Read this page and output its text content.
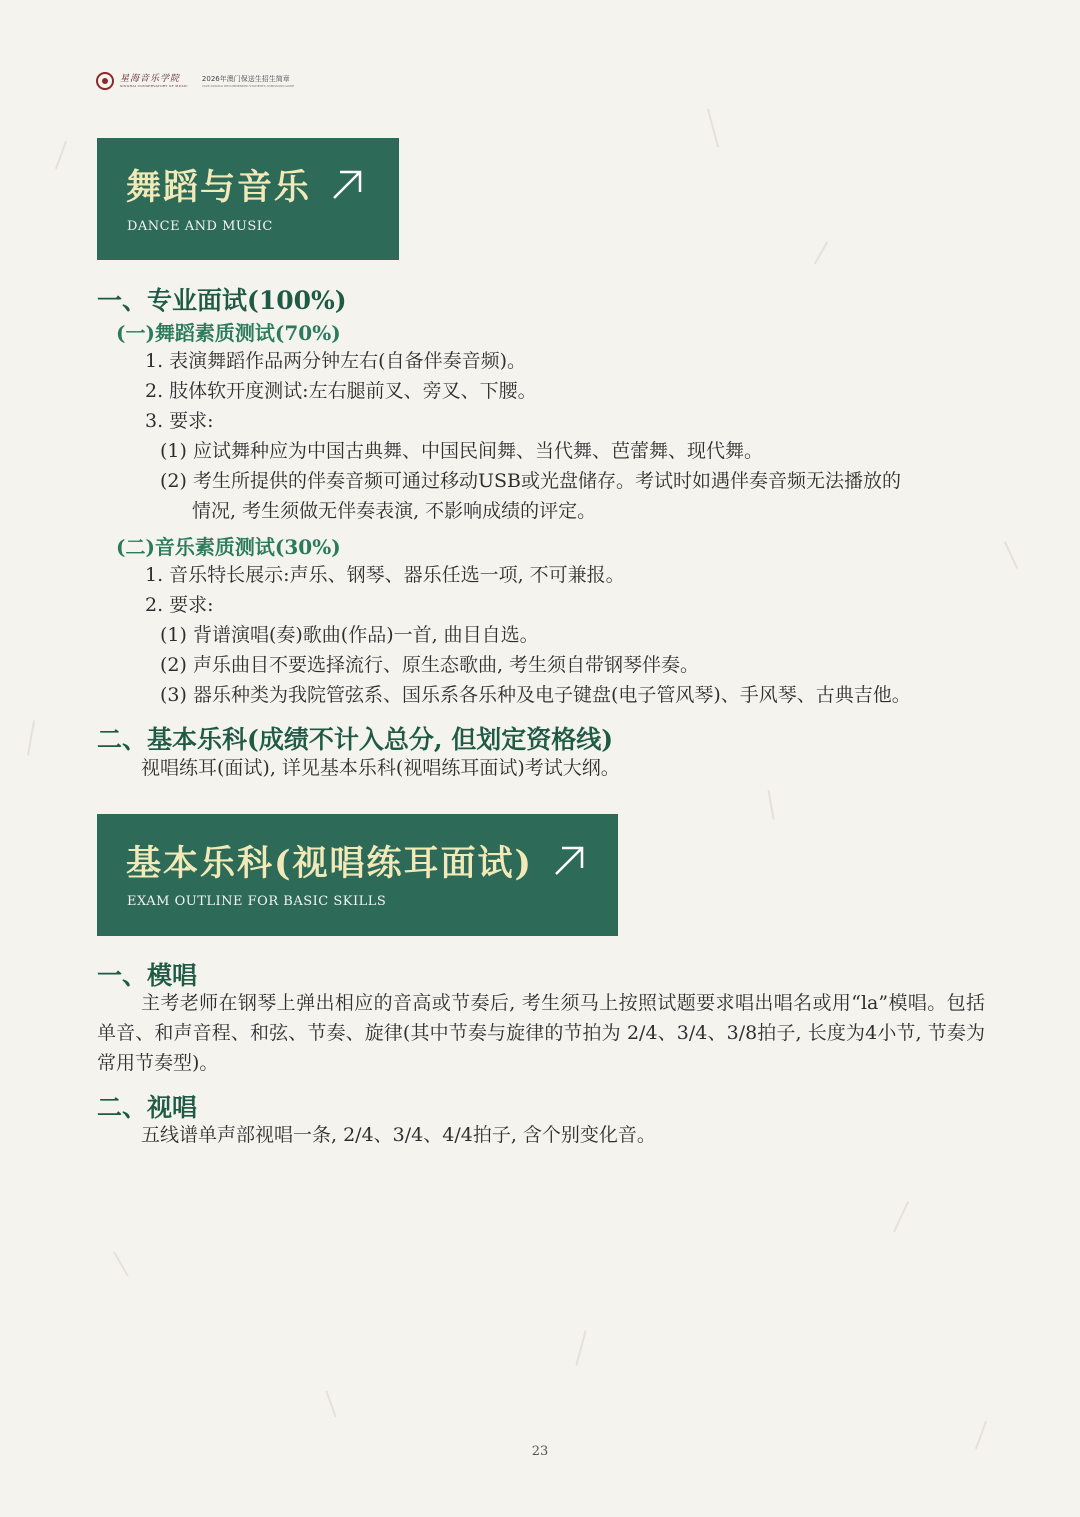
星海音乐学院
XINGHAI CONSERVATORY OF MUSIC
2026年澳门保送生招生简章
2026 XINGHAI RECOMMENDED STUDENTS ADMISSION GUIDE
舞蹈与音乐
DANCE AND MUSIC
一、专业面试(100%)
(一)舞蹈素质测试(70%)
1. 表演舞蹈作品两分钟左右(自备伴奏音频)。
2. 肢体软开度测试:左右腿前叉、旁叉、下腰。
3. 要求:
(1) 应试舞种应为中国古典舞、中国民间舞、当代舞、芭蕾舞、现代舞。
(2) 考生所提供的伴奏音频可通过移动USB或光盘储存。考试时如遇伴奏音频无法播放的
情况, 考生须做无伴奏表演, 不影响成绩的评定。
(二)音乐素质测试(30%)
1. 音乐特长展示:声乐、钢琴、器乐任选一项, 不可兼报。
2. 要求:
(1) 背谱演唱(奏)歌曲(作品)一首, 曲目自选。
(2) 声乐曲目不要选择流行、原生态歌曲, 考生须自带钢琴伴奏。
(3) 器乐种类为我院管弦系、国乐系各乐种及电子键盘(电子管风琴)、手风琴、古典吉他。
二、基本乐科(成绩不计入总分, 但划定资格线)
视唱练耳(面试), 详见基本乐科(视唱练耳面试)考试大纲。
基本乐科(视唱练耳面试)
EXAM OUTLINE FOR BASIC SKILLS
一、模唱
主考老师在钢琴上弹出相应的音高或节奏后, 考生须马上按照试题要求唱出唱名或用“la”模唱。包括单音、和声音程、和弦、节奏、旋律(其中节奏与旋律的节拍为 2/4、3/4、3/8拍子, 长度为4小节, 节奏为常用节奏型)。
二、视唱
五线谱单声部视唱一条, 2/4、3/4、4/4拍子, 含个别变化音。
23
